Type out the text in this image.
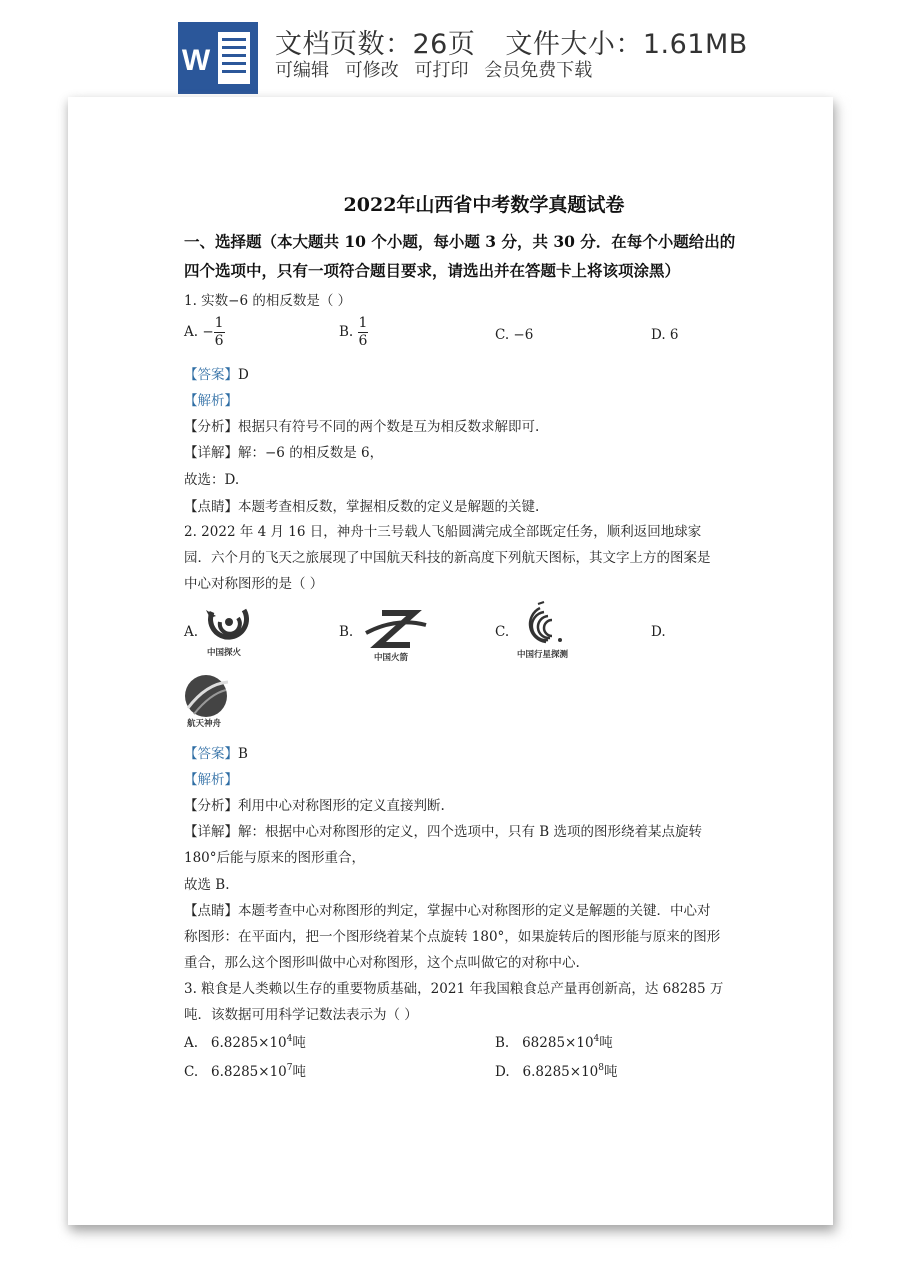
W 文档页数：26页 文件大小：1.61MB
可编辑 可修改 可打印 会员免费下载
2022年山西省中考数学真题试卷
一、选择题（本大题共 10 个小题，每小题 3 分，共 30 分．在每个小题给出的
四个选项中，只有一项符合题目要求，请选出并在答题卡上将该项涂黑）
1. 实数−6 的相反数是（ ）
A. − $\frac{1}{6}$	B. $\frac{1}{6}$	C. −6	D. 6
【答案】D
【解析】
【分析】根据只有符号不同的两个数是互为相反数求解即可.
【详解】解：−6 的相反数是 6，
故选：D.
【点睛】本题考查相反数，掌握相反数的定义是解题的关键.
2. 2022 年 4 月 16 日，神舟十三号载人飞船圆满完成全部既定任务，顺利返回地球家
园．六个月的飞天之旅展现了中国航天科技的新高度下列航天图标，其文字上方的图案是
中心对称图形的是（ ）
A.
中国探火
B.
中国火箭
C.
中国行星探测
D.
航天神舟
【答案】B
【解析】
【分析】利用中心对称图形的定义直接判断.
【详解】解：根据中心对称图形的定义，四个选项中，只有 B 选项的图形绕着某点旋转
180°后能与原来的图形重合，
故选 B.
【点睛】本题考查中心对称图形的判定，掌握中心对称图形的定义是解题的关键．中心对
称图形：在平面内，把一个图形绕着某个点旋转 180°，如果旋转后的图形能与原来的图形
重合，那么这个图形叫做中心对称图形，这个点叫做它的对称中心.
3. 粮食是人类赖以生存的重要物质基础，2021 年我国粮食总产量再创新高，达 68285 万
吨．该数据可用科学记数法表示为（ ）
A. $6.8285\times 10^4$吨	B. $68285\times 10^4$吨
C. $6.8285\times 10^7$吨	D. $6.8285\times 10^8$吨
